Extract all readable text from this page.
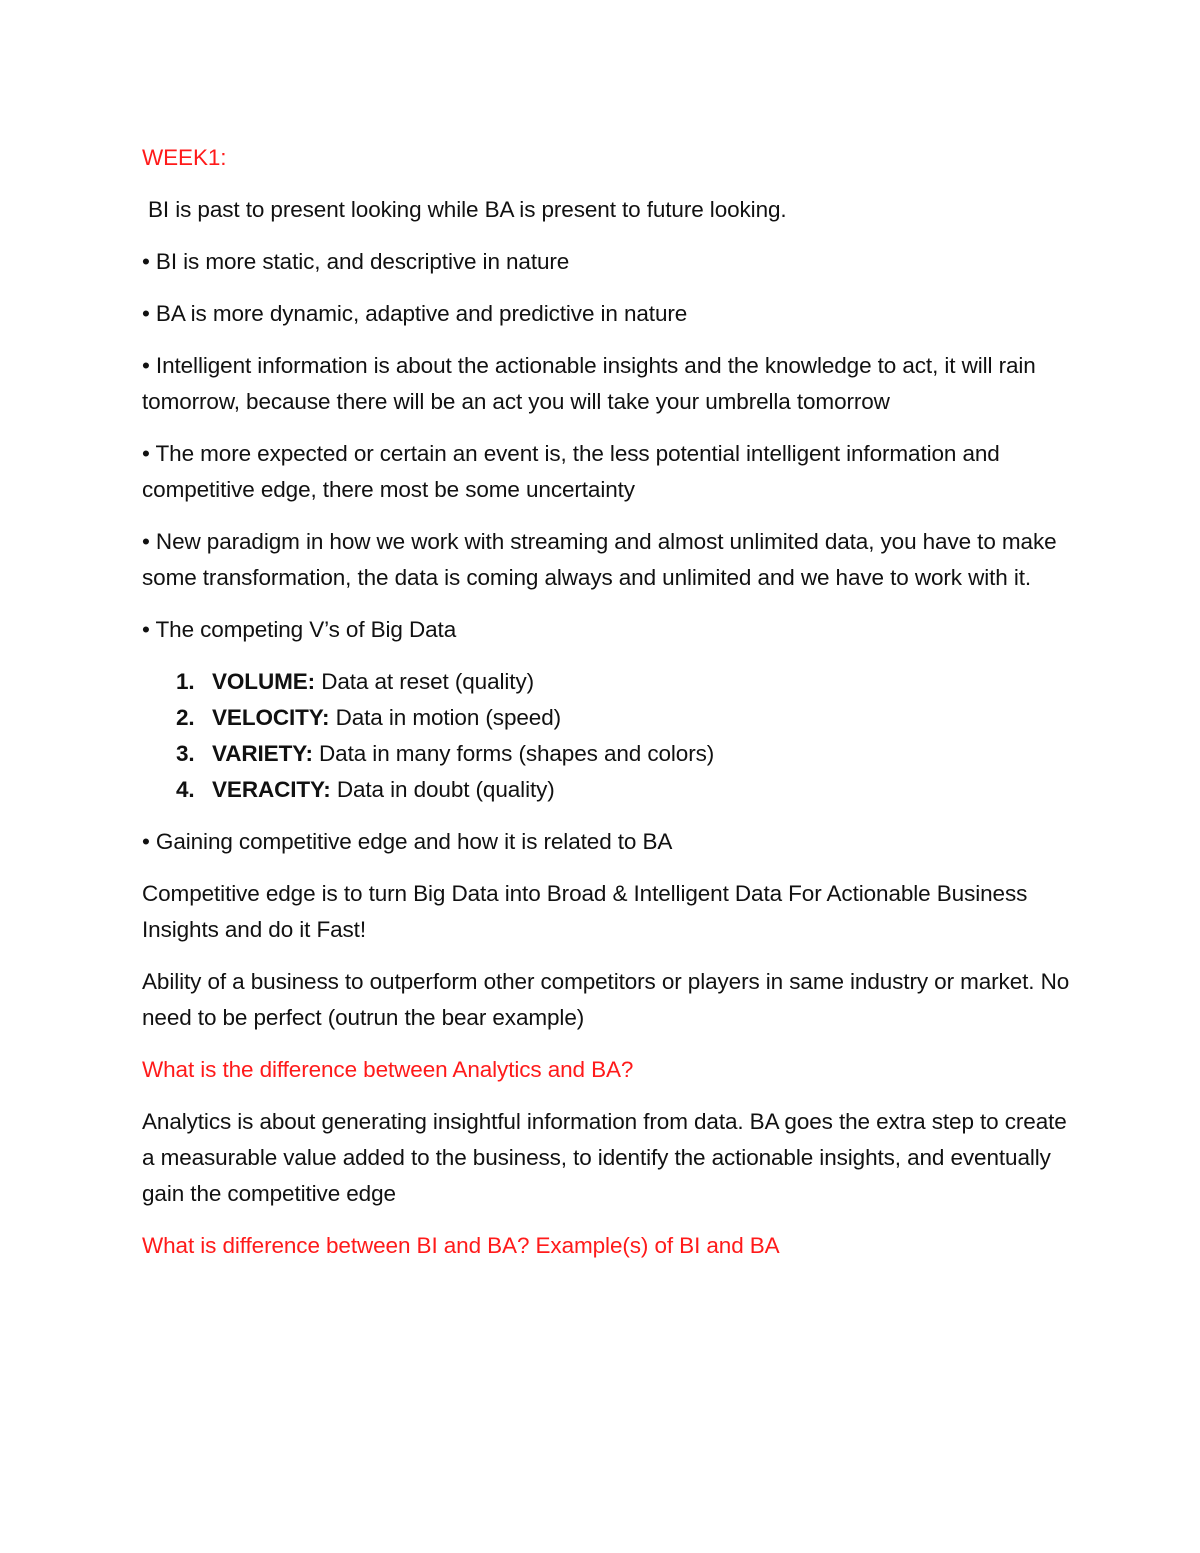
WEEK1:

BI is past to present looking while BA is present to future looking.

• BI is more static, and descriptive in nature

• BA is more dynamic, adaptive and predictive in nature

• Intelligent information is about the actionable insights and the knowledge to act, it will rain tomorrow, because there will be an act you will take your umbrella tomorrow

• The more expected or certain an event is, the less potential intelligent information and competitive edge, there most be some uncertainty

• New paradigm in how we work with streaming and almost unlimited data, you have to make some transformation, the data is coming always and unlimited and we have to work with it.

• The competing V’s of Big Data

1. VOLUME: Data at reset (quality)
2. VELOCITY: Data in motion (speed)
3. VARIETY: Data in many forms (shapes and colors)
4. VERACITY: Data in doubt (quality)

• Gaining competitive edge and how it is related to BA

Competitive edge is to turn Big Data into Broad & Intelligent Data For Actionable Business Insights and do it Fast!

Ability of a business to outperform other competitors or players in same industry or market. No need to be perfect (outrun the bear example)

What is the difference between Analytics and BA?

Analytics is about generating insightful information from data. BA goes the extra step to create a measurable value added to the business, to identify the actionable insights, and eventually gain the competitive edge

What is difference between BI and BA? Example(s) of BI and BA
